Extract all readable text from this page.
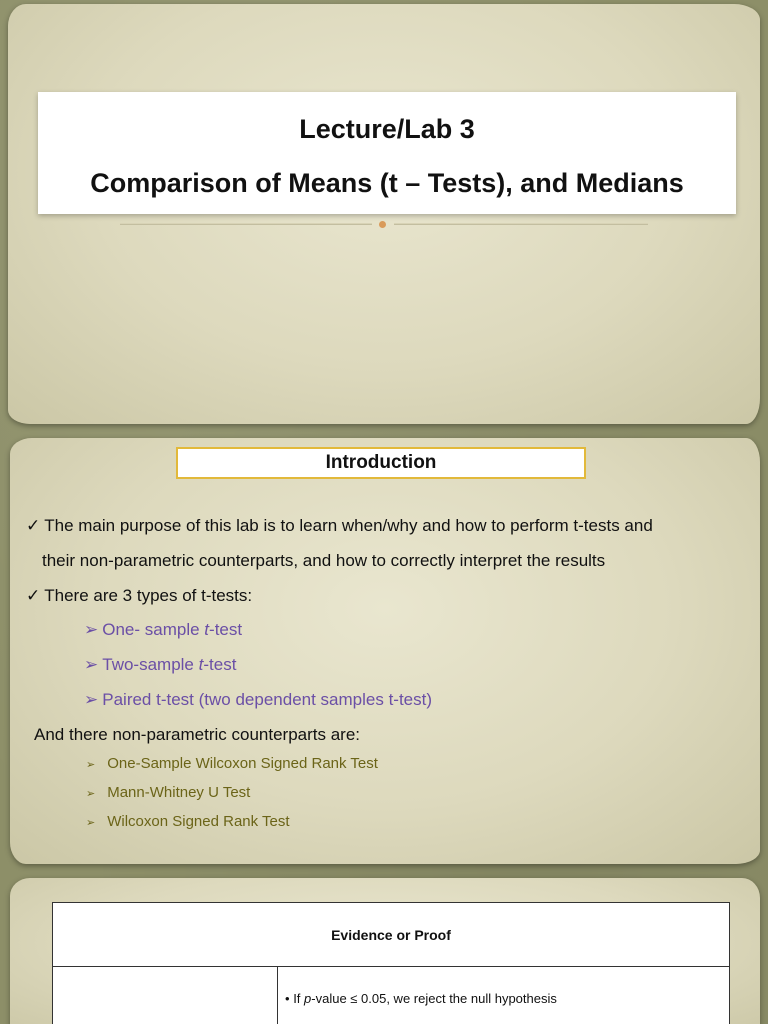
Lecture/Lab 3
Comparison of Means (t – Tests), and Medians
Introduction
✓ The main purpose of this lab is to learn when/why and how to perform t-tests and
their non-parametric counterparts, and how to correctly interpret the results
✓ There are 3 types of t-tests:
➢ One- sample t-test
➢ Two-sample t-test
➢ Paired t-test (two dependent samples t-test)
And there non-parametric counterparts are:
➢ One-Sample Wilcoxon Signed Rank Test
➢ Mann-Whitney U Test
➢ Wilcoxon Signed Rank Test
Evidence or Proof
• If p-value ≤ 0.05, we reject the null hypothesis
